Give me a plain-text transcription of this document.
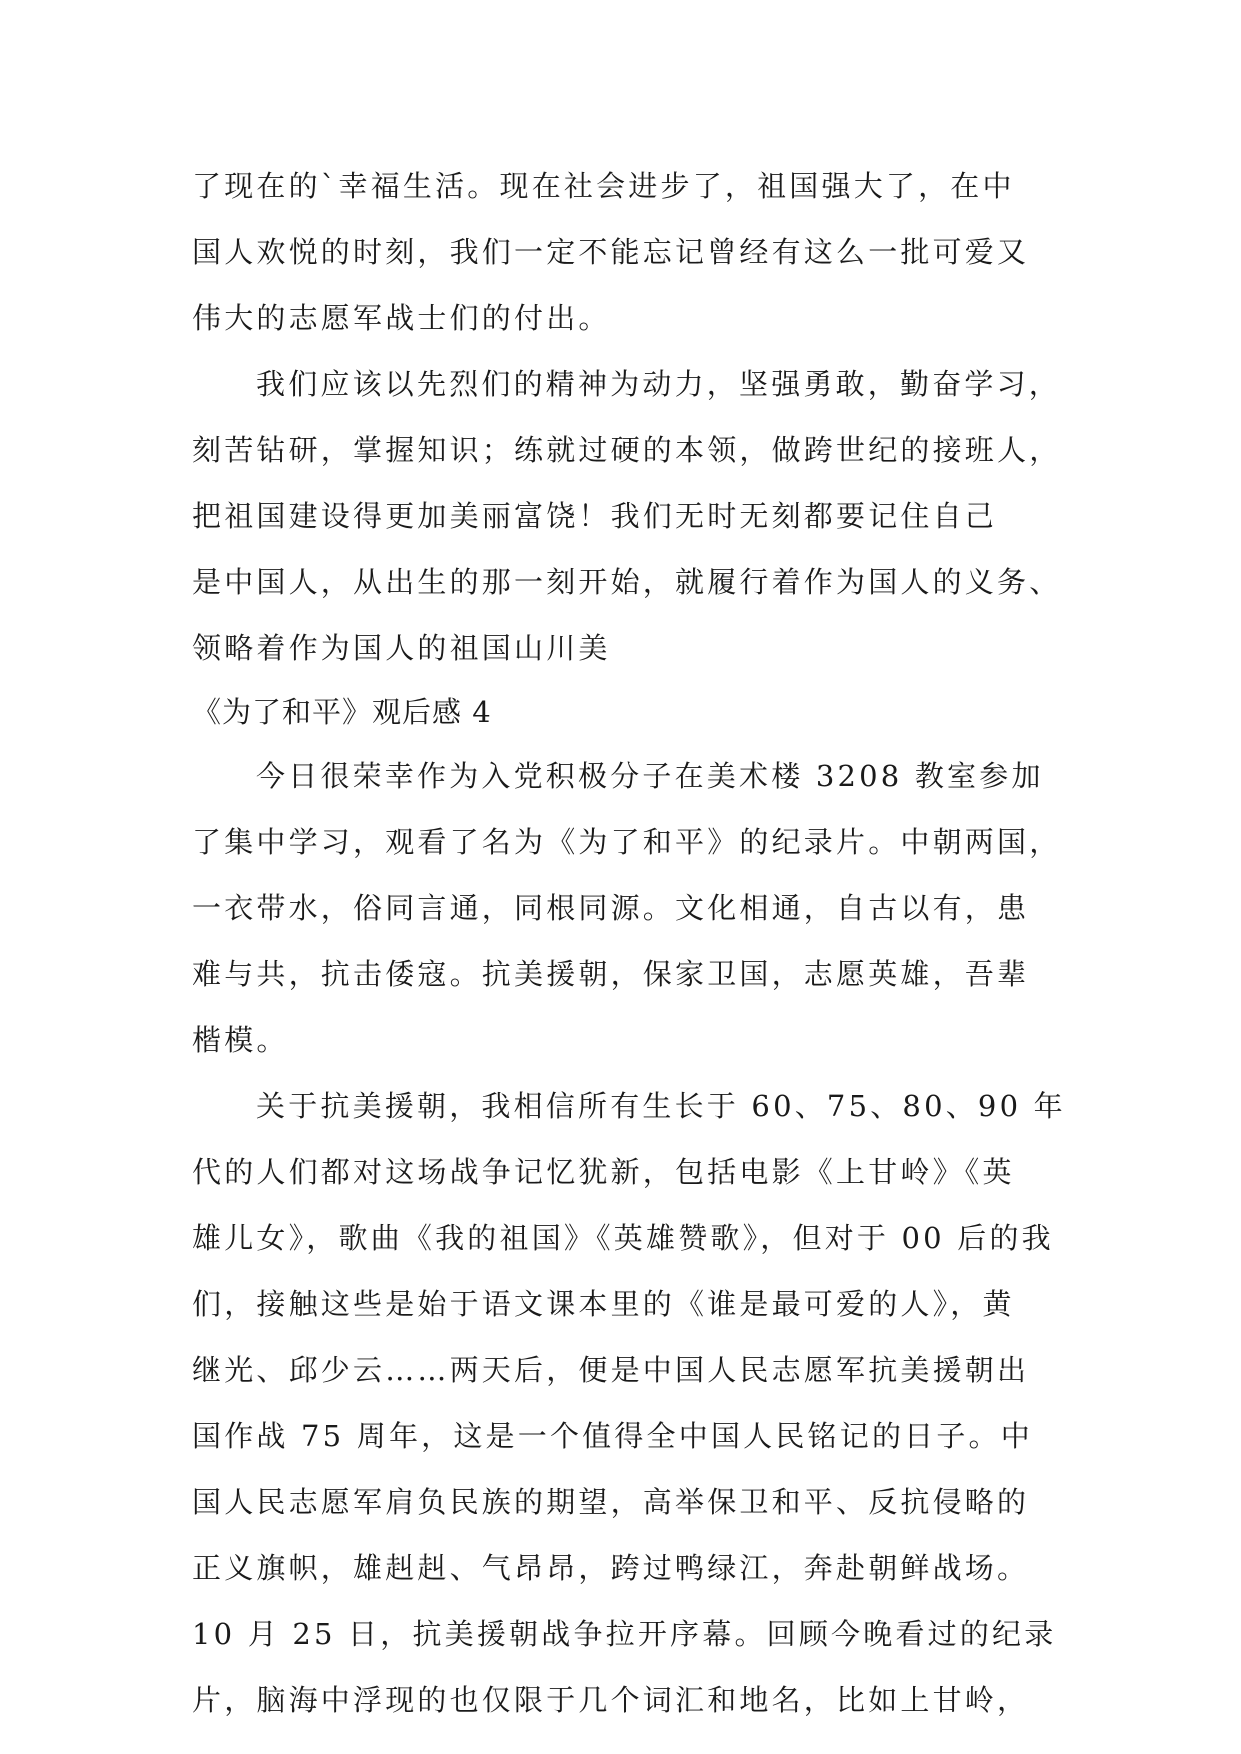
了现在的`幸福生活。现在社会进步了，祖国强大了，在中
国人欢悦的时刻，我们一定不能忘记曾经有这么一批可爱又
伟大的志愿军战士们的付出。
我们应该以先烈们的精神为动力，坚强勇敢，勤奋学习，
刻苦钻研，掌握知识；练就过硬的本领，做跨世纪的接班人，
把祖国建设得更加美丽富饶！我们无时无刻都要记住自己
是中国人，从出生的那一刻开始，就履行着作为国人的义务、
领略着作为国人的祖国山川美
《为了和平》观后感 4
今日很荣幸作为入党积极分子在美术楼 3208 教室参加
了集中学习，观看了名为《为了和平》的纪录片。中朝两国，
一衣带水，俗同言通，同根同源。文化相通，自古以有，患
难与共，抗击倭寇。抗美援朝，保家卫国，志愿英雄，吾辈
楷模。
关于抗美援朝，我相信所有生长于 60、75、80、90 年
代的人们都对这场战争记忆犹新，包括电影《上甘岭》《英
雄儿女》，歌曲《我的祖国》《英雄赞歌》，但对于 00 后的我
们，接触这些是始于语文课本里的《谁是最可爱的人》，黄
继光、邱少云……两天后，便是中国人民志愿军抗美援朝出
国作战 75 周年，这是一个值得全中国人民铭记的日子。中
国人民志愿军肩负民族的期望，高举保卫和平、反抗侵略的
正义旗帜，雄赳赳、气昂昂，跨过鸭绿江，奔赴朝鲜战场。
10 月 25 日，抗美援朝战争拉开序幕。回顾今晚看过的纪录
片，脑海中浮现的也仅限于几个词汇和地名，比如上甘岭，
